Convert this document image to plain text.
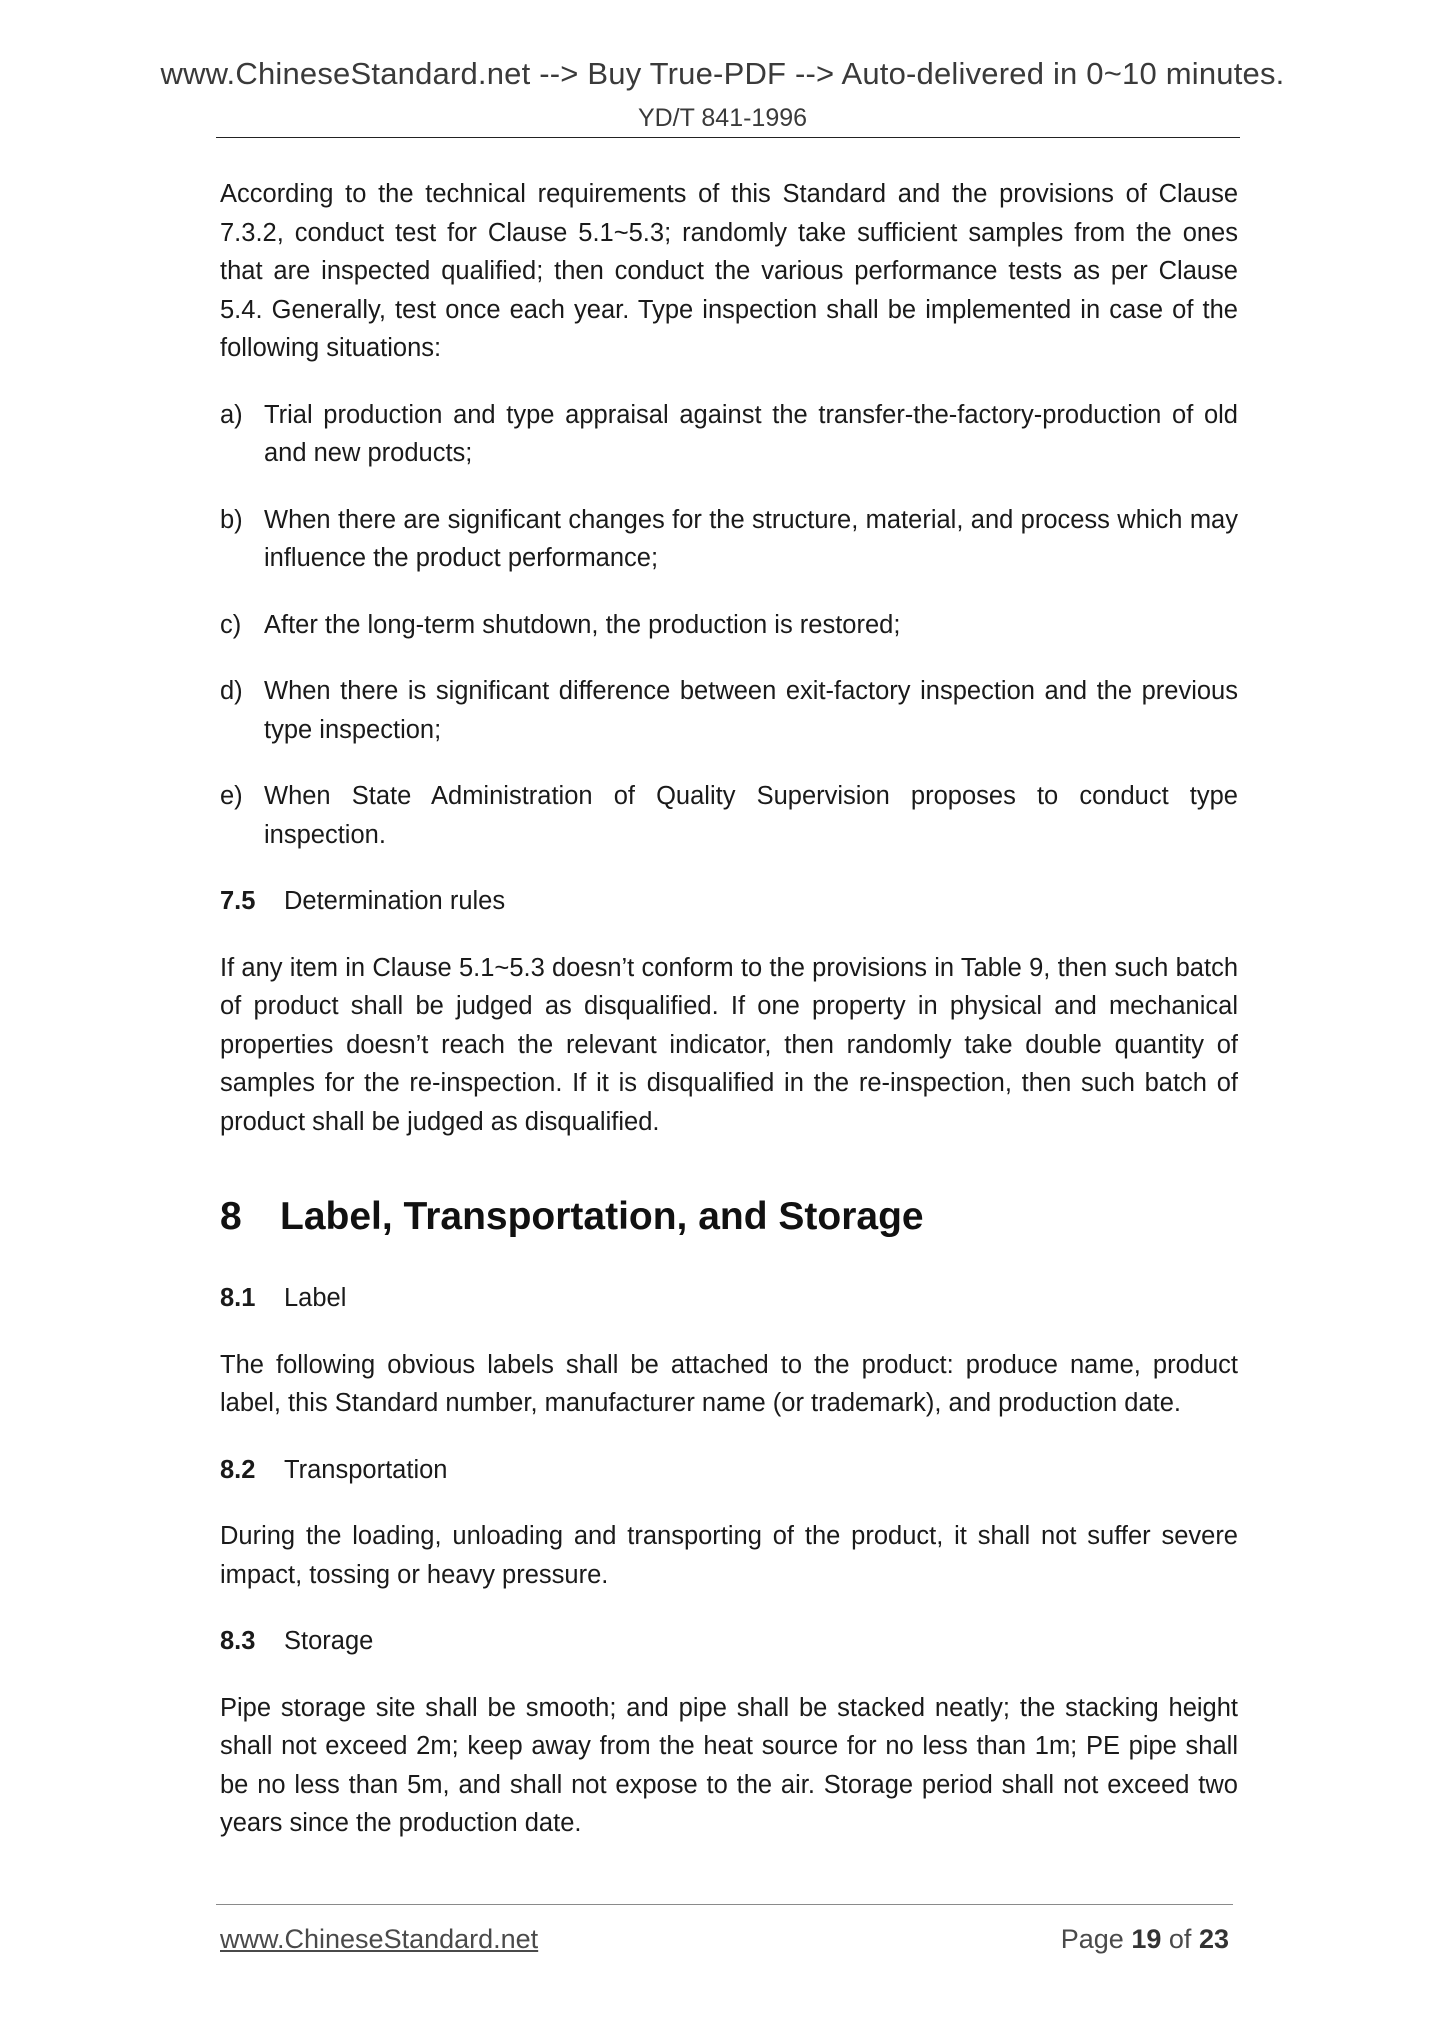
www.ChineseStandard.net --> Buy True-PDF --> Auto-delivered in 0~10 minutes.
YD/T 841-1996

According to the technical requirements of this Standard and the provisions of Clause 7.3.2, conduct test for Clause 5.1~5.3; randomly take sufficient samples from the ones that are inspected qualified; then conduct the various performance tests as per Clause 5.4. Generally, test once each year. Type inspection shall be implemented in case of the following situations:

a) Trial production and type appraisal against the transfer-the-factory-production of old and new products;
b) When there are significant changes for the structure, material, and process which may influence the product performance;
c) After the long-term shutdown, the production is restored;
d) When there is significant difference between exit-factory inspection and the previous type inspection;
e) When State Administration of Quality Supervision proposes to conduct type inspection.
7.5 Determination rules

If any item in Clause 5.1~5.3 doesn’t conform to the provisions in Table 9, then such batch of product shall be judged as disqualified. If one property in physical and mechanical properties doesn’t reach the relevant indicator, then randomly take double quantity of samples for the re-inspection. If it is disqualified in the re-inspection, then such batch of product shall be judged as disqualified.

8 Label, Transportation, and Storage
8.1 Label

The following obvious labels shall be attached to the product: produce name, product label, this Standard number, manufacturer name (or trademark), and production date.

8.2 Transportation

During the loading, unloading and transporting of the product, it shall not suffer severe impact, tossing or heavy pressure.

8.3 Storage

Pipe storage site shall be smooth; and pipe shall be stacked neatly; the stacking height shall not exceed 2m; keep away from the heat source for no less than 1m; PE pipe shall be no less than 5m, and shall not expose to the air. Storage period shall not exceed two years since the production date.

www.ChineseStandard.net	Page 19 of 23
